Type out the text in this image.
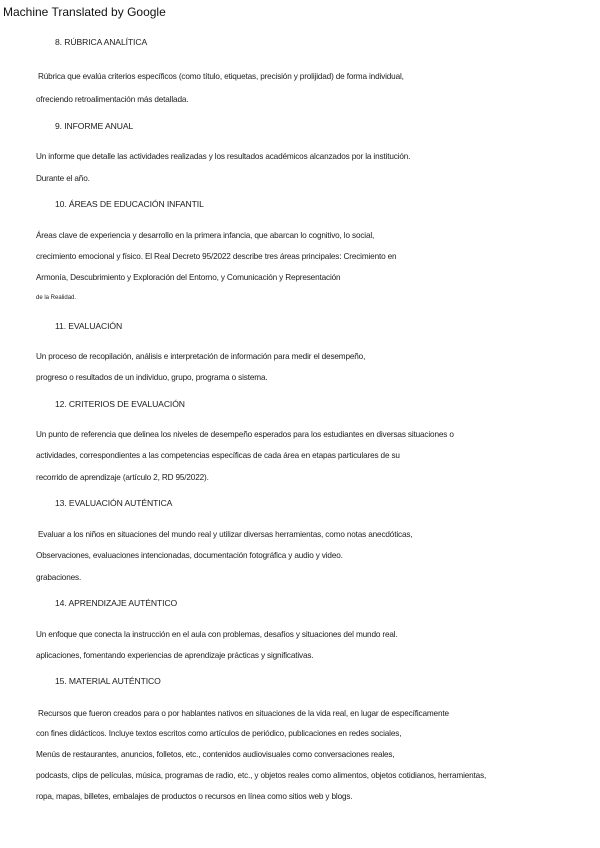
Machine Translated by Google
8. RÚBRICA ANALÍTICA
Rúbrica que evalúa criterios específicos (como título, etiquetas, precisión y prolijidad) de forma individual,
ofreciendo retroalimentación más detallada.
9. INFORME ANUAL
Un informe que detalle las actividades realizadas y los resultados académicos alcanzados por la institución.
Durante el año.
10. ÁREAS DE EDUCACIÓN INFANTIL
Áreas clave de experiencia y desarrollo en la primera infancia, que abarcan lo cognitivo, lo social,
crecimiento emocional y físico. El Real Decreto 95/2022 describe tres áreas principales: Crecimiento en
Armonía, Descubrimiento y Exploración del Entorno, y Comunicación y Representación
de la Realidad.
11. EVALUACIÓN
Un proceso de recopilación, análisis e interpretación de información para medir el desempeño,
progreso o resultados de un individuo, grupo, programa o sistema.
12. CRITERIOS DE EVALUACIÓN
Un punto de referencia que delinea los niveles de desempeño esperados para los estudiantes en diversas situaciones o
actividades, correspondientes a las competencias específicas de cada área en etapas particulares de su
recorrido de aprendizaje (artículo 2, RD 95/2022).
13. EVALUACIÓN AUTÉNTICA
Evaluar a los niños en situaciones del mundo real y utilizar diversas herramientas, como notas anecdóticas,
Observaciones, evaluaciones intencionadas, documentación fotográfica y audio y video.
grabaciones.
14. APRENDIZAJE AUTÉNTICO
Un enfoque que conecta la instrucción en el aula con problemas, desafíos y situaciones del mundo real.
aplicaciones, fomentando experiencias de aprendizaje prácticas y significativas.
15. MATERIAL AUTÉNTICO
Recursos que fueron creados para o por hablantes nativos en situaciones de la vida real, en lugar de específicamente
con fines didácticos. Incluye textos escritos como artículos de periódico, publicaciones en redes sociales,
Menús de restaurantes, anuncios, folletos, etc., contenidos audiovisuales como conversaciones reales,
podcasts, clips de películas, música, programas de radio, etc., y objetos reales como alimentos, objetos cotidianos, herramientas,
ropa, mapas, billetes, embalajes de productos o recursos en línea como sitios web y blogs.
